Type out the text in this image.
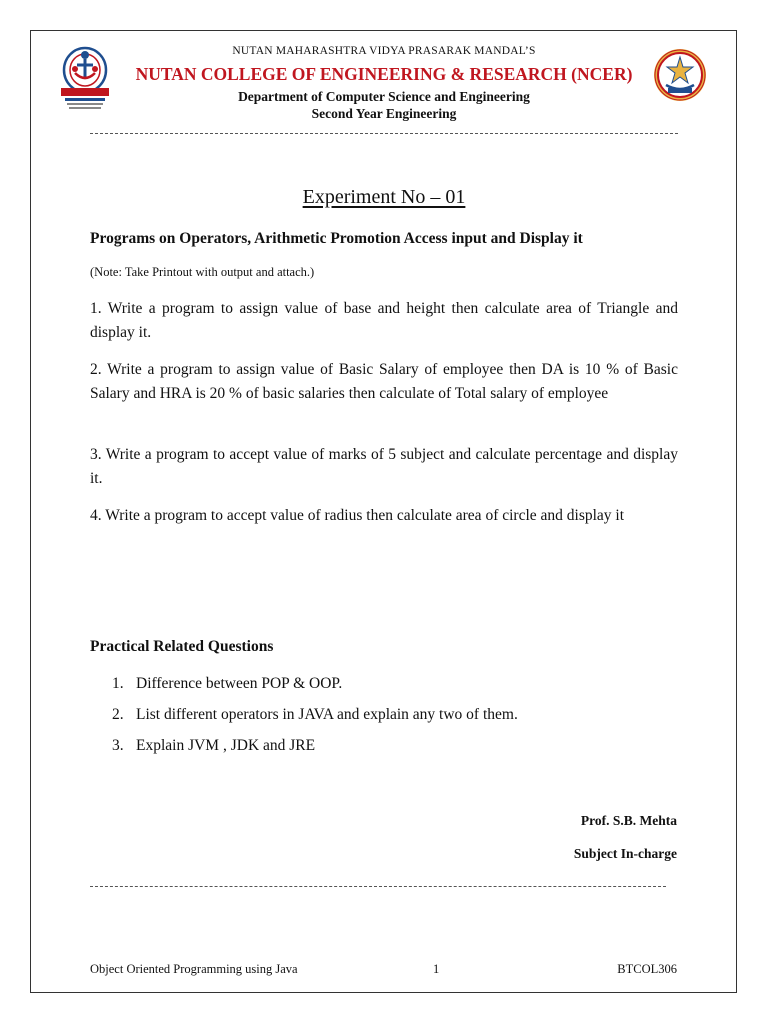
NUTAN MAHARASHTRA VIDYA PRASARAK MANDAL’S
NUTAN COLLEGE OF ENGINEERING & RESEARCH (NCER)
Department of Computer Science and Engineering
Second Year Engineering
Experiment No – 01
Programs on Operators, Arithmetic Promotion Access input and Display it
(Note: Take Printout with output and attach.)
1. Write a program to assign value of base and height then calculate area of Triangle and display it.
2. Write a program to assign value of Basic Salary of employee then DA is 10 % of Basic Salary and HRA is 20 % of basic salaries then calculate of Total salary of employee
3. Write a program to accept value of marks of 5 subject and calculate percentage and display it.
4. Write a program to accept value of radius then calculate area of circle and display it
Practical Related Questions
1. Difference between POP & OOP.
2. List different operators in JAVA and explain any two of them.
3. Explain JVM , JDK and JRE
Prof. S.B. Mehta
Subject In-charge
Object Oriented Programming using Java	1	BTCOL306
